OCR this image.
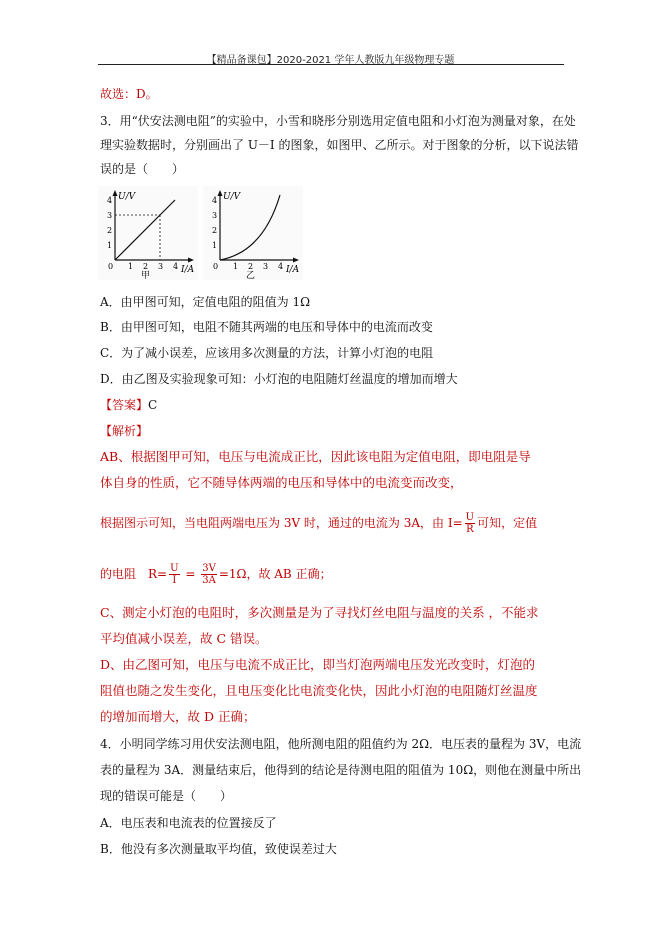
【精品备课包】2020-2021 学年人教版九年级物理专题
故选：D。
3．用“伏安法测电阻”的实验中，小雪和晓彤分别选用定值电阻和小灯泡为测量对象，在处
理实验数据时，分别画出了 U－I 的图象，如图甲、乙所示。对于图象的分析，以下说法错
误的是（　　）
U/V
I/A
1
2
3
4
0 1 2 3 4
甲
U/V
I/A
1
2
3
4
0 1 2 3 4
乙
A．由甲图可知，定值电阻的阻值为 1Ω
B．由甲图可知，电阻不随其两端的电压和导体中的电流而改变
C．为了减小误差，应该用多次测量的方法，计算小灯泡的电阻
D．由乙图及实验现象可知：小灯泡的电阻随灯丝温度的增加而增大
【答案】C
【解析】
AB、根据图甲可知，电压与电流成正比，因此该电阻为定值电阻，即电阻是导
体自身的性质，它不随导体两端的电压和导体中的电流变而改变，
根据图示可知，当电阻两端电压为 3V 时，通过的电流为 3A，由 $I= \frac{U}{R}$ 可知，定值
的电阻　$R= \frac{U}{I} = \frac{3V}{3A} =1\Omega$，故 AB 正确；
C、测定小灯泡的电阻时，多次测量是为了寻找灯丝电阻与温度的关系 ，不能求
平均值减小误差，故 C 错误。
D、由乙图可知，电压与电流不成正比，即当灯泡两端电压发光改变时，灯泡的
阻值也随之发生变化，且电压变化比电流变化快，因此小灯泡的电阻随灯丝温度
的增加而增大，故 D 正确；
4．小明同学练习用伏安法测电阻，他所测电阻的阻值约为 2Ω．电压表的量程为 3V，电流
表的量程为 3A．测量结束后，他得到的结论是待测电阻的阻值为 10Ω，则他在测量中所出
现的错误可能是（　　）
A．电压表和电流表的位置接反了
B．他没有多次测量取平均值，致使误差过大
